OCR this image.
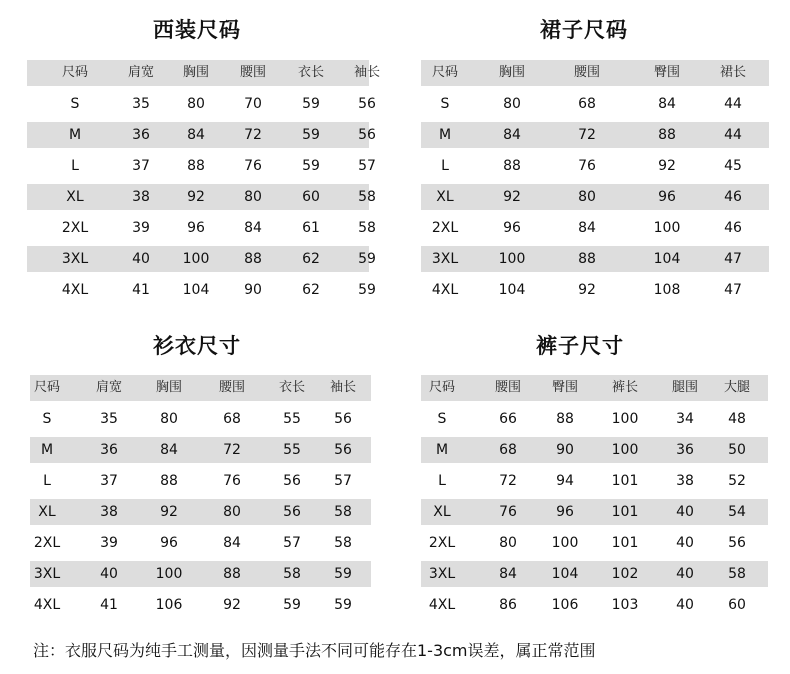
西装尺码
尺码	肩宽 胸围 腰围 衣长 袖长
S	35	80	70	59	56
M	36	84	72	59	56
L	37	88	76	59	57
XL	38	92	80	60	58
2XL	39	96	84	61	58
3XL	40 100 88	62	59
4XL	41 104 90	62	59
裙子尺码
尺码	胸围	腰围	臀围	裙长
S	80	68	84	44
M	84	72	88	44
L	88	76	92	45
XL	92	80	96	46
2XL	96	84	100	46
3XL	100	88	104	47
4XL	104	92	108	47
衫衣尺寸
尺码	肩宽	胸围	腰围	衣长 袖长
S	35	80	68	55 56
M	36	84	72	55 56
L	37	88	76	56 57
XL	38	92	80	56 58
2XL	39	96	84	57 58
3XL	40	100	88	58 59
4XL	41	106	92	59 59
裤子尺寸
尺码	腰围 臀围	裤长	腿围 大腿
S	66	88	100	34 48
M	68	90	100	36 50
L	72	94	101	38 52
XL	76	96	101	40 54
2XL	80 100 101	40 56
3XL	84 104 102	40 58
4XL	86 106 103	40 60
注：衣服尺码为纯手工测量，因测量手法不同可能存在1-3cm误差，属正常范围
